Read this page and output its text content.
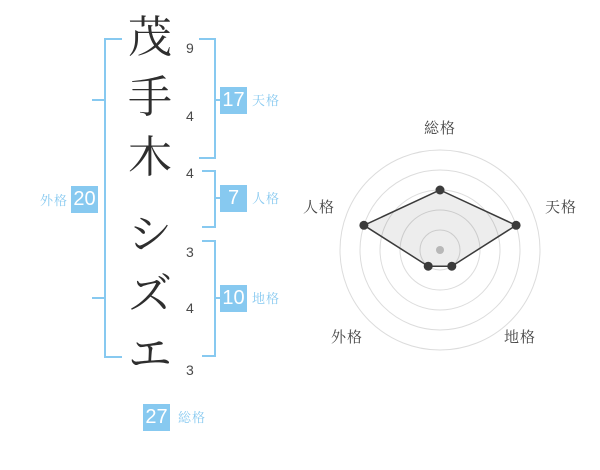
茂
手
木
シ
ズ
エ
9
4
4
3
4
3
17
7
10
20
27
天格
人格
地格
外格
総格
総格
天格
地格
外格
人格
